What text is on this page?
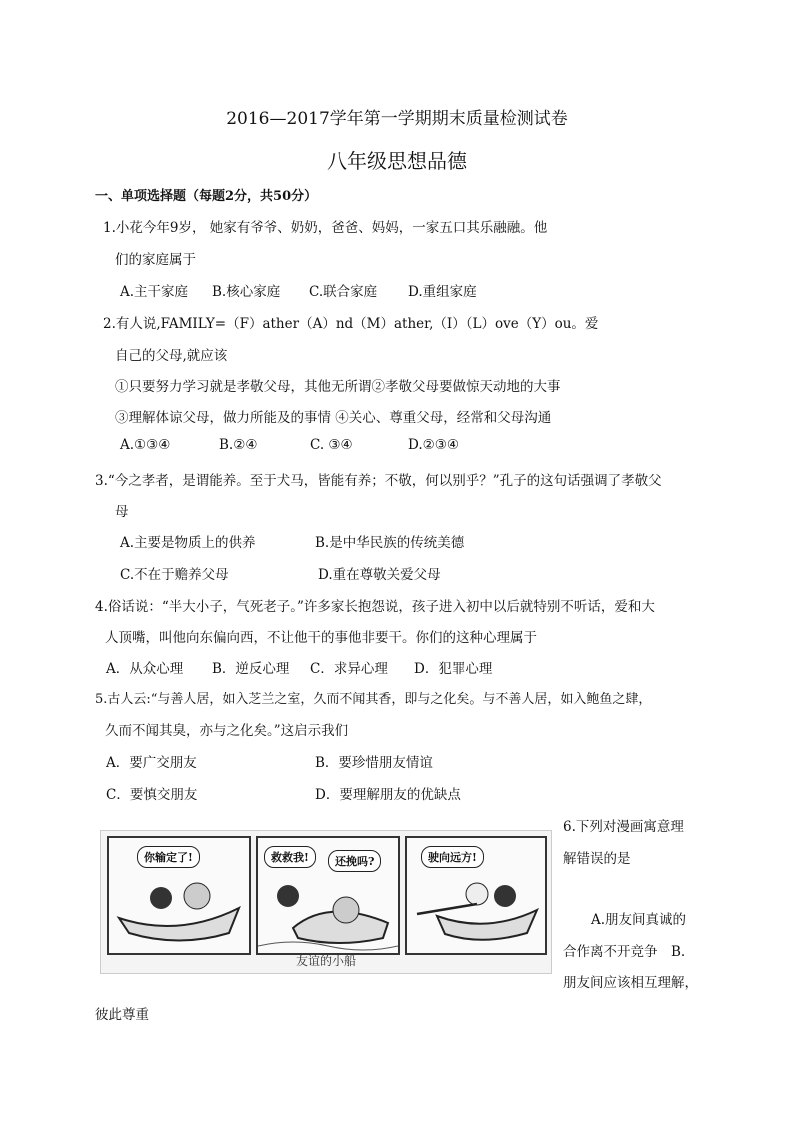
2016—2017学年第一学期期末质量检测试卷
八年级思想品德
一、单项选择题（每题2分，共50分）
1.小花今年9岁， 她家有爷爷、奶奶，爸爸、妈妈，一家五口其乐融融。他
们的家庭属于
A.主干家庭 B.核心家庭 C.联合家庭 D.重组家庭
2.有人说,FAMILY=（F）ather（A）nd（M）ather,（I）（L）ove（Y）ou。爱
自己的父母,就应该
①只要努力学习就是孝敬父母，其他无所谓②孝敬父母要做惊天动地的大事
③理解体谅父母，做力所能及的事情 ④关心、尊重父母，经常和父母沟通
A.①③④	B.②④	C. ③④	D.②③④
3.“今之孝者，是谓能养。至于犬马，皆能有养；不敬，何以别乎？”孔子的这句话强调了孝敬父
母
A.主要是物质上的供养	B.是中华民族的传统美德
C.不在于赡养父母	D.重在尊敬关爱父母
4.俗话说：“半大小子，气死老子。”许多家长抱怨说，孩子进入初中以后就特别不听话，爱和大
人顶嘴，叫他向东偏向西，不让他干的事他非要干。你们的这种心理属于
A．从众心理 B．逆反心理 C．求异心理 D．犯罪心理
5.古人云:“与善人居，如入芝兰之室，久而不闻其香，即与之化矣。与不善人居，如入鲍鱼之肆，
久而不闻其臭，亦与之化矣。”这启示我们
A．要广交朋友	B．要珍惜朋友情谊
C．要慎交朋友	D．要理解朋友的优缺点
6.下列对漫画寓意理
解错误的是
A.朋友间真诚的
合作离不开竞争　B.
朋友间应该相互理解，
彼此尊重
你输定了!	救救我!	还挽吗?	驶向远方!
友谊的小船
